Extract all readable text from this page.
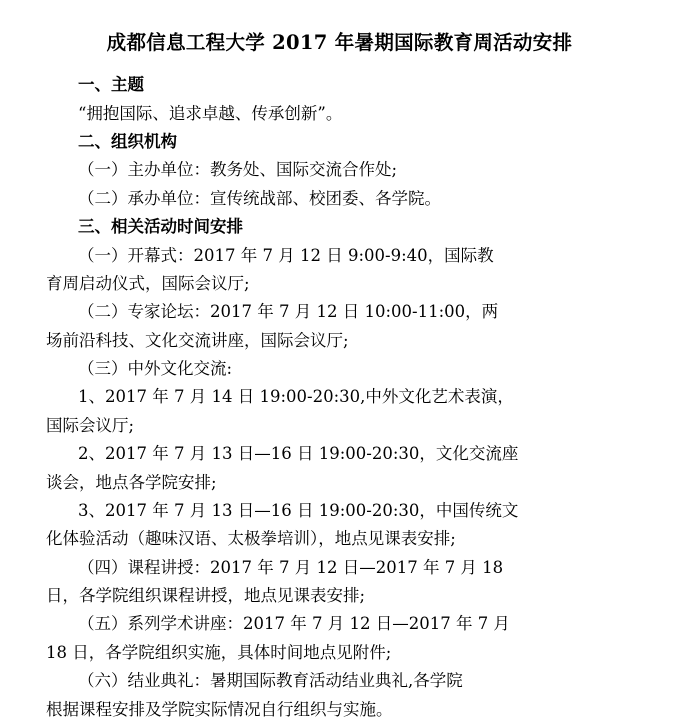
成都信息工程大学 2017 年暑期国际教育周活动安排

一、主题

“拥抱国际、追求卓越、传承创新”。

二、组织机构

（一）主办单位：教务处、国际交流合作处;

（二）承办单位：宣传统战部、校团委、各学院。

三、相关活动时间安排

（一）开幕式：2017 年 7 月 12 日 9:00-9:40，国际教

育周启动仪式，国际会议厅;

（二）专家论坛：2017 年 7 月 12 日 10:00-11:00，两

场前沿科技、文化交流讲座，国际会议厅;

（三）中外文化交流:

1、2017 年 7 月 14 日 19:00-20:30,中外文化艺术表演，

国际会议厅;

2、2017 年 7 月 13 日—16 日 19:00-20:30，文化交流座

谈会，地点各学院安排;

3、2017 年 7 月 13 日—16 日 19:00-20:30，中国传统文

化体验活动（趣味汉语、太极拳培训），地点见课表安排;

（四）课程讲授：2017 年 7 月 12 日—2017 年 7 月 18

日，各学院组织课程讲授，地点见课表安排;

（五）系列学术讲座：2017 年 7 月 12 日—2017 年 7 月

18 日，各学院组织实施，具体时间地点见附件;

（六）结业典礼：暑期国际教育活动结业典礼,各学院

根据课程安排及学院实际情况自行组织与实施。
